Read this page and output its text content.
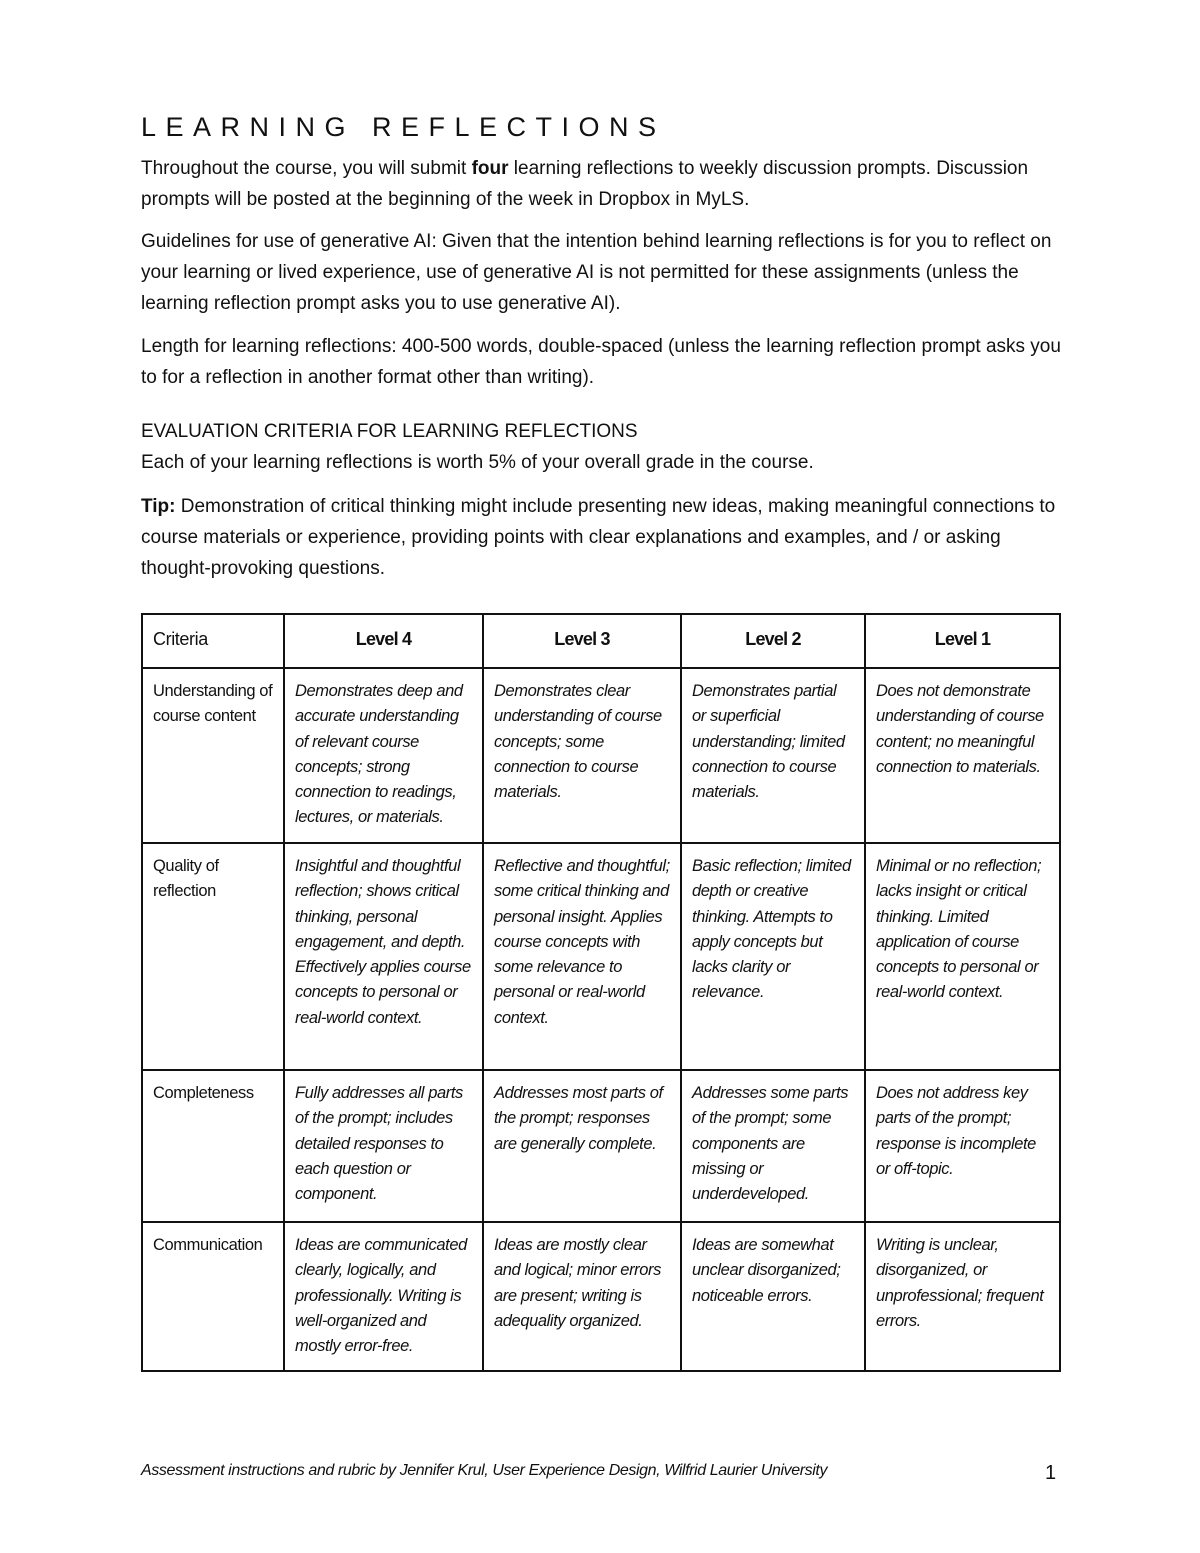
LEARNING REFLECTIONS
Throughout the course, you will submit four learning reflections to weekly discussion prompts. Discussion prompts will be posted at the beginning of the week in Dropbox in MyLS.
Guidelines for use of generative AI: Given that the intention behind learning reflections is for you to reflect on your learning or lived experience, use of generative AI is not permitted for these assignments (unless the learning reflection prompt asks you to use generative AI).
Length for learning reflections: 400-500 words, double-spaced (unless the learning reflection prompt asks you to for a reflection in another format other than writing).
EVALUATION CRITERIA FOR LEARNING REFLECTIONS
Each of your learning reflections is worth 5% of your overall grade in the course.
Tip: Demonstration of critical thinking might include presenting new ideas, making meaningful connections to course materials or experience, providing points with clear explanations and examples, and / or asking thought-provoking questions.
Criteria	Level 4	Level 3	Level 2	Level 1
Understanding of course content	Demonstrates deep and accurate understanding of relevant course concepts; strong connection to readings, lectures, or materials.	Demonstrates clear understanding of course concepts; some connection to course materials.	Demonstrates partial or superficial understanding; limited connection to course materials.	Does not demonstrate understanding of course content; no meaningful connection to materials.
Quality of reflection	Insightful and thoughtful reflection; shows critical thinking, personal engagement, and depth. Effectively applies course concepts to personal or real-world context.	Reflective and thoughtful; some critical thinking and personal insight. Applies course concepts with some relevance to personal or real-world context.	Basic reflection; limited depth or creative thinking. Attempts to apply concepts but lacks clarity or relevance.	Minimal or no reflection; lacks insight or critical thinking. Limited application of course concepts to personal or real-world context.
Completeness	Fully addresses all parts of the prompt; includes detailed responses to each question or component.	Addresses most parts of the prompt; responses are generally complete.	Addresses some parts of the prompt; some components are missing or underdeveloped.	Does not address key parts of the prompt; response is incomplete or off-topic.
Communication	Ideas are communicated clearly, logically, and professionally. Writing is well-organized and mostly error-free.	Ideas are mostly clear and logical; minor errors are present; writing is adequality organized.	Ideas are somewhat unclear disorganized; noticeable errors.	Writing is unclear, disorganized, or unprofessional; frequent errors.
Assessment instructions and rubric by Jennifer Krul, User Experience Design, Wilfrid Laurier University	1
